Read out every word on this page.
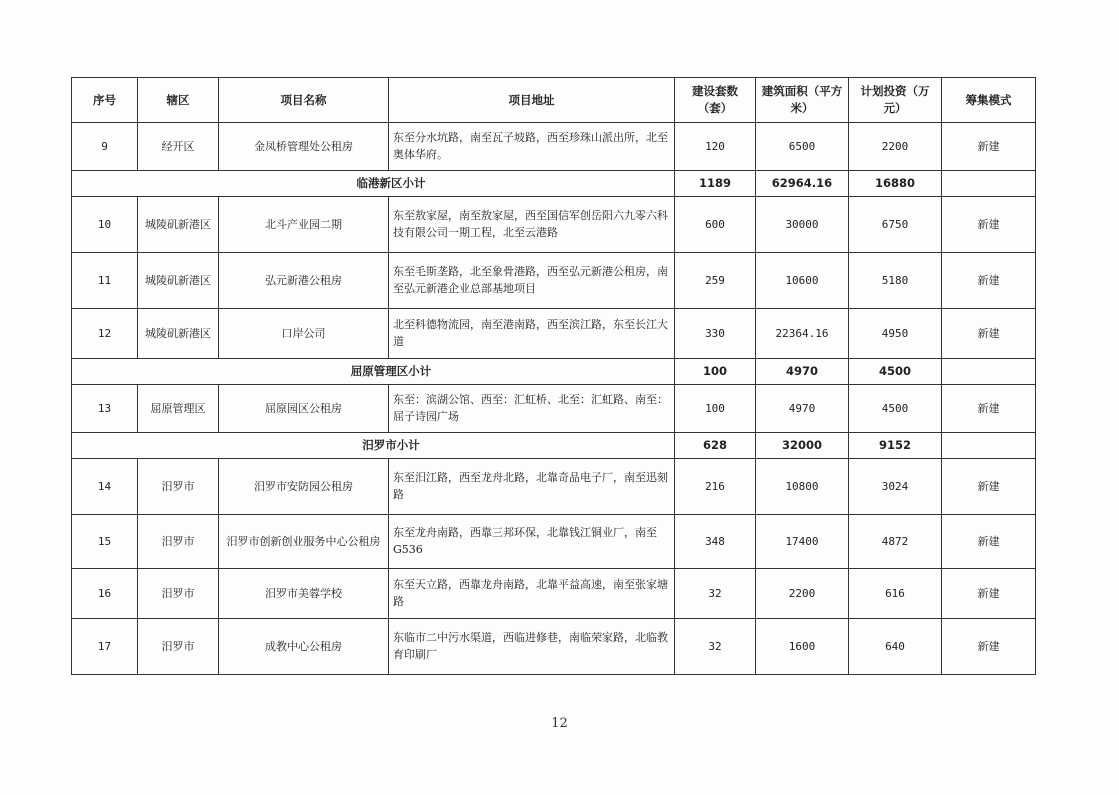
序号	辖区	项目名称	项目地址	建设套数（套）	建筑面积（平方米）	计划投资（万元）	筹集模式
9	经开区	金凤桥管理处公租房	东至分水坑路，南至瓦子坡路，西至珍珠山派出所，北至奥体华府。	120	6500	2200	新建
临港新区小计				1189	62964.16	16880	
10	城陵矶新港区	北斗产业园二期	东至敖家屋，南至敖家屋，西至国信军创岳阳六九零六科技有限公司一期工程，北至云港路	600	30000	6750	新建
11	城陵矶新港区	弘元新港公租房	东至毛斯垄路，北至象骨港路，西至弘元新港公租房，南至弘元新港企业总部基地项目	259	10600	5180	新建
12	城陵矶新港区	口岸公司	北至科德物流园，南至港南路，西至滨江路，东至长江大道	330	22364.16	4950	新建
屈原管理区小计				100	4970	4500	
13	屈原管理区	屈原园区公租房	东至：滨湖公馆、西至：汇虹桥、北至：汇虹路、南至：屈子诗园广场	100	4970	4500	新建
汨罗市小计				628	32000	9152	
14	汨罗市	汨罗市安防园公租房	东至汨江路，西至龙舟北路，北靠奇品电子厂，南至迅刻路	216	10800	3024	新建
15	汨罗市	汨罗市创新创业服务中心公租房	东至龙舟南路，西靠三邦环保，北靠钱江铜业厂，南至G536	348	17400	4872	新建
16	汨罗市	汨罗市美蓉学校	东至天立路，西靠龙舟南路，北靠平益高速，南至张家塘路	32	2200	616	新建
17	汨罗市	成教中心公租房	东临市二中污水渠道，西临进修巷，南临荣家路，北临教育印刷厂	32	1600	640	新建
12
